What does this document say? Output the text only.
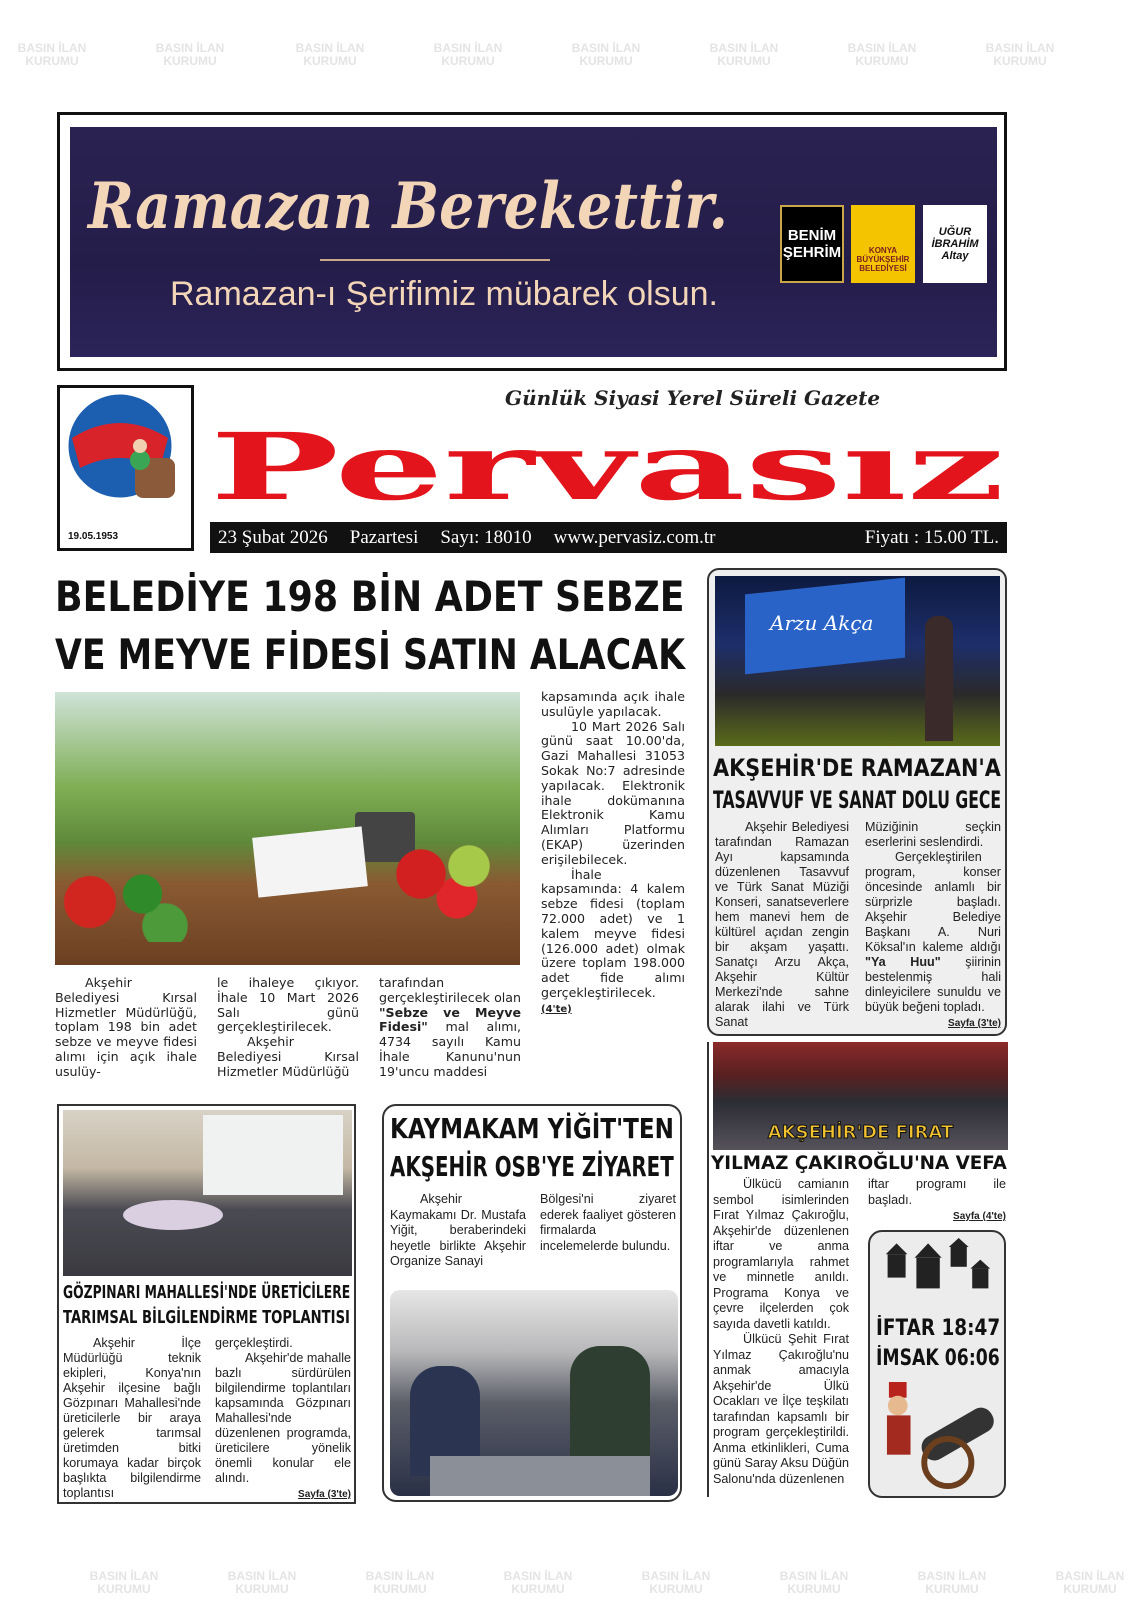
BASIN İLAN KURUMU
BASIN İLAN KURUMU
BASIN İLAN KURUMU
BASIN İLAN KURUMU
BASIN İLAN KURUMU
BASIN İLAN KURUMU
BASIN İLAN KURUMU
BASIN İLAN KURUMU
BASIN İLAN KURUMU
BASIN İLAN KURUMU
BASIN İLAN KURUMU
BASIN İLAN KURUMU
BASIN İLAN KURUMU
BASIN İLAN KURUMU
BASIN İLAN KURUMU
BASIN İLAN KURUMU
Ramazan Berekettir.
Ramazan-ı Şerifimiz mübarek olsun.
BENİM ŞEHRİM	KONYA BÜYÜKŞEHİR BELEDİYESİ
UĞUR İBRAHİM Altay
19.05.1953
Pervasız
Günlük Siyasi Yerel Süreli Gazete
23 Şubat 2026 Pazartesi Sayı: 18010 www.pervasiz.com.tr	Fiyatı : 15.00 TL.
BELEDİYE 198 BİN ADET SEBZE
VE MEYVE FİDESİ SATIN ALACAK

kapsamında açık ihale usulüyle yapılacak.

10 Mart 2026 Salı günü saat 10.00'da, Gazi Mahallesi 31053 Sokak No:7 adresinde yapılacak. Elektronik ihale dokümanına Elektronik Kamu Alımları Platformu (EKAP) üzerinden erişilebilecek.

İhale kapsamında: 4 kalem sebze fidesi (toplam 72.000 adet) ve 1 kalem meyve fidesi (126.000 adet) olmak üzere toplam 198.000 adet fide alımı gerçekleştirilecek. (4'te)

Akşehir Belediyesi Kırsal Hizmetler Müdürlüğü, toplam 198 bin adet sebze ve meyve fidesi alımı için açık ihale usulüy-

le ihaleye çıkıyor. İhale 10 Mart 2026 Salı günü gerçekleştirilecek.

Akşehir Belediyesi Kırsal Hizmetler Müdürlüğü

tarafından gerçekleştirilecek olan "Sebze ve Meyve Fidesi" mal alımı, 4734 sayılı Kamu İhale Kanunu'nun 19'uncu maddesi
Arzu Akça
AKŞEHİR'DE RAMAZAN'A
TASAVVUF VE SANAT DOLU GECE
Akşehir Belediyesi tarafından Ramazan Ayı kapsamında düzenlenen Tasavvuf ve Türk Sanat Müziği Konseri, sanatseverlere hem manevi hem de kültürel açıdan zengin bir akşam yaşattı. Sanatçı Arzu Akça, Akşehir Kültür Merkezi'nde sahne alarak ilahi ve Türk Sanat

Müziğinin seçkin eserlerini seslendirdi.

Gerçekleştirilen program, konser öncesinde anlamlı bir sürprizle başladı. Akşehir Belediye Başkanı A. Nuri Köksal'ın kaleme aldığı "Ya Huu" şiirinin bestelenmiş hali dinleyicilere sunuldu ve büyük beğeni topladı.

Sayfa (3'te)

AKŞEHİR'DE FIRAT
YILMAZ ÇAKIROĞLU'NA VEFA

Ülkücü camianın sembol isimlerinden Fırat Yılmaz Çakıroğlu, Akşehir'de düzenlenen iftar ve anma programlarıyla rahmet ve minnetle anıldı. Programa Konya ve çevre ilçelerden çok sayıda davetli katıldı.

Ülkücü Şehit Fırat Yılmaz Çakıroğlu'nu anmak amacıyla Akşehir'de Ülkü Ocakları ve İlçe teşkilatı tarafından kapsamlı bir program gerçekleştirildi. Anma etkinlikleri, Cuma günü Saray Aksu Düğün Salonu'nda düzenlenen

iftar programı ile başladı.

Sayfa (4'te)

İFTAR 18:47
İMSAK 06:06
GÖZPINARI MAHALLESİ'NDE ÜRETİCİLERE
TARIMSAL BİLGİLENDİRME TOPLANTISI
Akşehir İlçe Müdürlüğü teknik ekipleri, Konya'nın Akşehir ilçesine bağlı Gözpınarı Mahallesi'nde üreticilerle bir araya gelerek tarımsal üretimden bitki korumaya kadar birçok başlıkta bilgilendirme toplantısı

gerçekleştirdi.

Akşehir'de mahalle bazlı sürdürülen bilgilendirme toplantıları kapsamında Gözpınarı Mahallesi'nde düzenlenen programda, üreticilere yönelik önemli konular ele alındı.

Sayfa (3'te)

KAYMAKAM YİĞİT'TEN
AKŞEHİR OSB'YE ZİYARET
Akşehir Kaymakamı Dr. Mustafa Yiğit, beraberindeki heyetle birlikte Akşehir Organize Sanayi
Bölgesi'ni ziyaret ederek faaliyet gösteren firmalarda incelemelerde bulundu.
